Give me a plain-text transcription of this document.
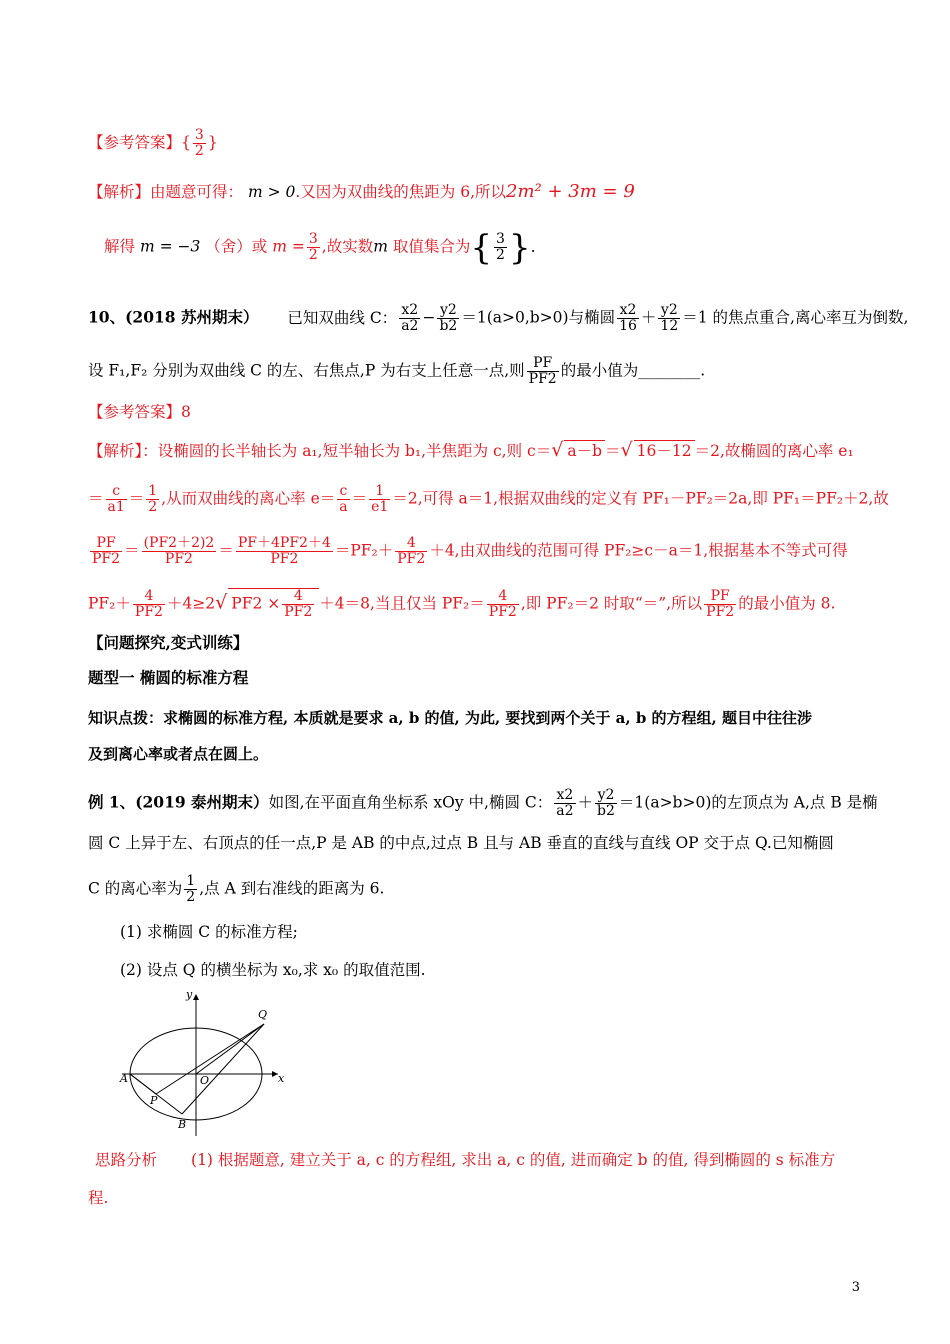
【参考答案】{ $\frac{3}{2}$ }
【解析】由题意可得： m > 0.又因为双曲线的焦距为 6,所以2m² + 3m = 9
解得 m = −3 （舍）或 $m = \frac{3}{2}$ ,故实数m 取值集合为{ $\frac{3}{2}$ }.
10、(2018 苏州期末） 已知双曲线 C： $\frac{x2}{a2} - \frac{y2}{b2} =1(a>0,b>0)$与椭圆 $\frac{x2}{16} + \frac{y2}{12} =1$ 的焦点重合,离心率互为倒数,
设 F₁,F₂ 分别为双曲线 C 的左、右焦点,P 为右支上任意一点,则 $\frac{PF}{PF2}$ 的最小值为________.
【参考答案】8
【解析】：设椭圆的长半轴长为 a₁,短半轴长为 b₁,半焦距为 c,则 c＝√ a－b ＝√ 16－12 ＝2,故椭圆的离心率 e₁
＝ $\frac{c}{a1} = \frac{1}{2}$ ,从而双曲线的离心率 $e= \frac{c}{a} = \frac{1}{e1} =2$,可得 a＝1,根据双曲线的定义有 PF₁－PF₂＝2a,即 PF₁＝PF₂＋2,故
$\frac{PF}{PF2} = \frac{(PF2+2)2}{PF2} = \frac{PF+4PF2+4}{PF2} =PF_2+ \frac{4}{PF2} +4$,由双曲线的范围可得 PF₂≥c－a＝1,根据基本不等式可得
$PF_2+ \frac{4}{PF2} +4\ge 2√$ $PF2 \times \frac{4}{PF2} +4=8$,当且仅当 $PF_2= \frac{4}{PF2}$ ,即 PF₂＝2 时取“＝”,所以 $\frac{PF}{PF2}$ 的最小值为 8.
【问题探究,变式训练】
题型一 椭圆的标准方程
知识点拨：求椭圆的标准方程, 本质就是要求 a, b 的值, 为此, 要找到两个关于 a, b 的方程组, 题目中往往涉
及到离心率或者点在圆上。
例 1、(2019 泰州期末）如图,在平面直角坐标系 xOy 中,椭圆 C： $\frac{x2}{a2} + \frac{y2}{b2} =1(a>b>0)$的左顶点为 A,点 B 是椭
圆 C 上异于左、右顶点的任一点,P 是 AB 的中点,过点 B 且与 AB 垂直的直线与直线 OP 交于点 Q.已知椭圆
C 的离心率为 $\frac{1}{2}$ ,点 A 到右准线的距离为 6.
(1) 求椭圆 C 的标准方程;
(2) 设点 Q 的横坐标为 x₀,求 x₀ 的取值范围.
y
x
Q
A	O
P
B
思路分析 (1) 根据题意, 建立关于 a, c 的方程组, 求出 a, c 的值, 进而确定 b 的值, 得到椭圆的 s 标准方
程.
3
